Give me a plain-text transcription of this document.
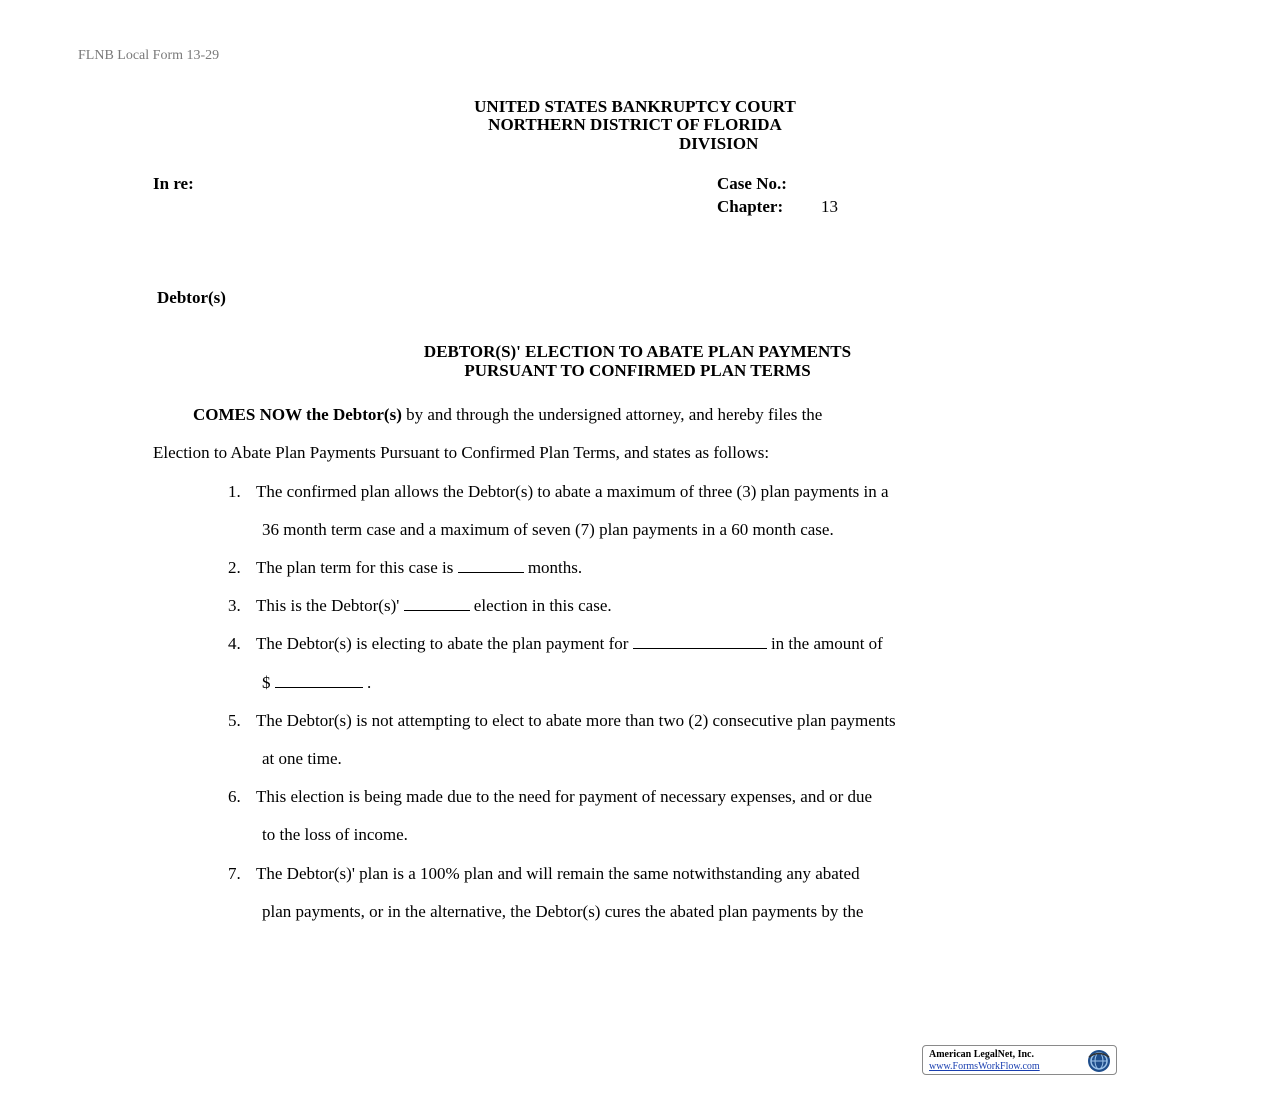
FLNB Local Form 13-29
UNITED STATES BANKRUPTCY COURT
NORTHERN DISTRICT OF FLORIDA
DIVISION
In re:	Case No.:
Chapter: 13
Debtor(s)
DEBTOR(S)' ELECTION TO ABATE PLAN PAYMENTS
PURSUANT TO CONFIRMED PLAN TERMS
COMES NOW the Debtor(s) by and through the undersigned attorney, and hereby files the
Election to Abate Plan Payments Pursuant to Confirmed Plan Terms, and states as follows:
1. The confirmed plan allows the Debtor(s) to abate a maximum of three (3) plan payments in a
36 month term case and a maximum of seven (7) plan payments in a 60 month case.
2. The plan term for this case is	months.
3. This is the Debtor(s)'	election in this case.
4. The Debtor(s) is electing to abate the plan payment for	in the amount of
$	.
5. The Debtor(s) is not attempting to elect to abate more than two (2) consecutive plan payments
at one time.
6. This election is being made due to the need for payment of necessary expenses, and or due
to the loss of income.
7. The Debtor(s)' plan is a 100% plan and will remain the same notwithstanding any abated
plan payments, or in the alternative, the Debtor(s) cures the abated plan payments by the
American LegalNet, Inc.
www.FormsWorkFlow.com
